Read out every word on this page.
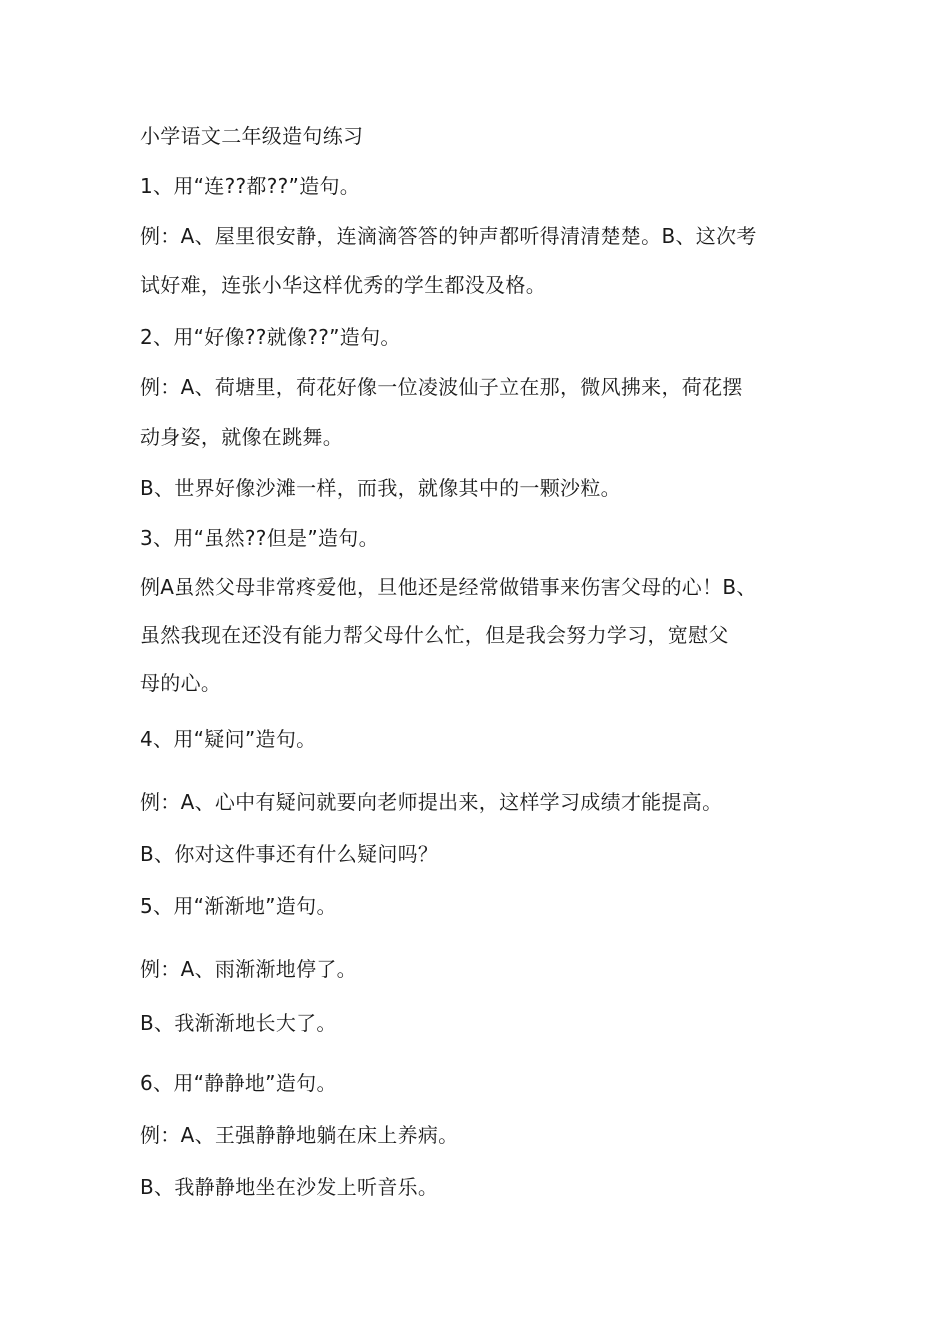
小学语文二年级造句练习
1、用“连??都??”造句。
例：A、屋里很安静，连滴滴答答的钟声都听得清清楚楚。B、这次考
试好难，连张小华这样优秀的学生都没及格。
2、用“好像??就像??”造句。
例：A、荷塘里，荷花好像一位凌波仙子立在那，微风拂来，荷花摆
动身姿，就像在跳舞。
B、世界好像沙滩一样，而我，就像其中的一颗沙粒。
3、用“虽然??但是”造句。
例A虽然父母非常疼爱他，旦他还是经常做错事来伤害父母的心！B、
虽然我现在还没有能力帮父母什么忙，但是我会努力学习，宽慰父
母的心。
4、用“疑问”造句。
例：A、心中有疑问就要向老师提出来，这样学习成绩才能提高。
B、你对这件事还有什么疑问吗？
5、用“渐渐地”造句。
例：A、雨渐渐地停了。
B、我渐渐地长大了。
6、用“静静地”造句。
例：A、王强静静地躺在床上养病。
B、我静静地坐在沙发上听音乐。
